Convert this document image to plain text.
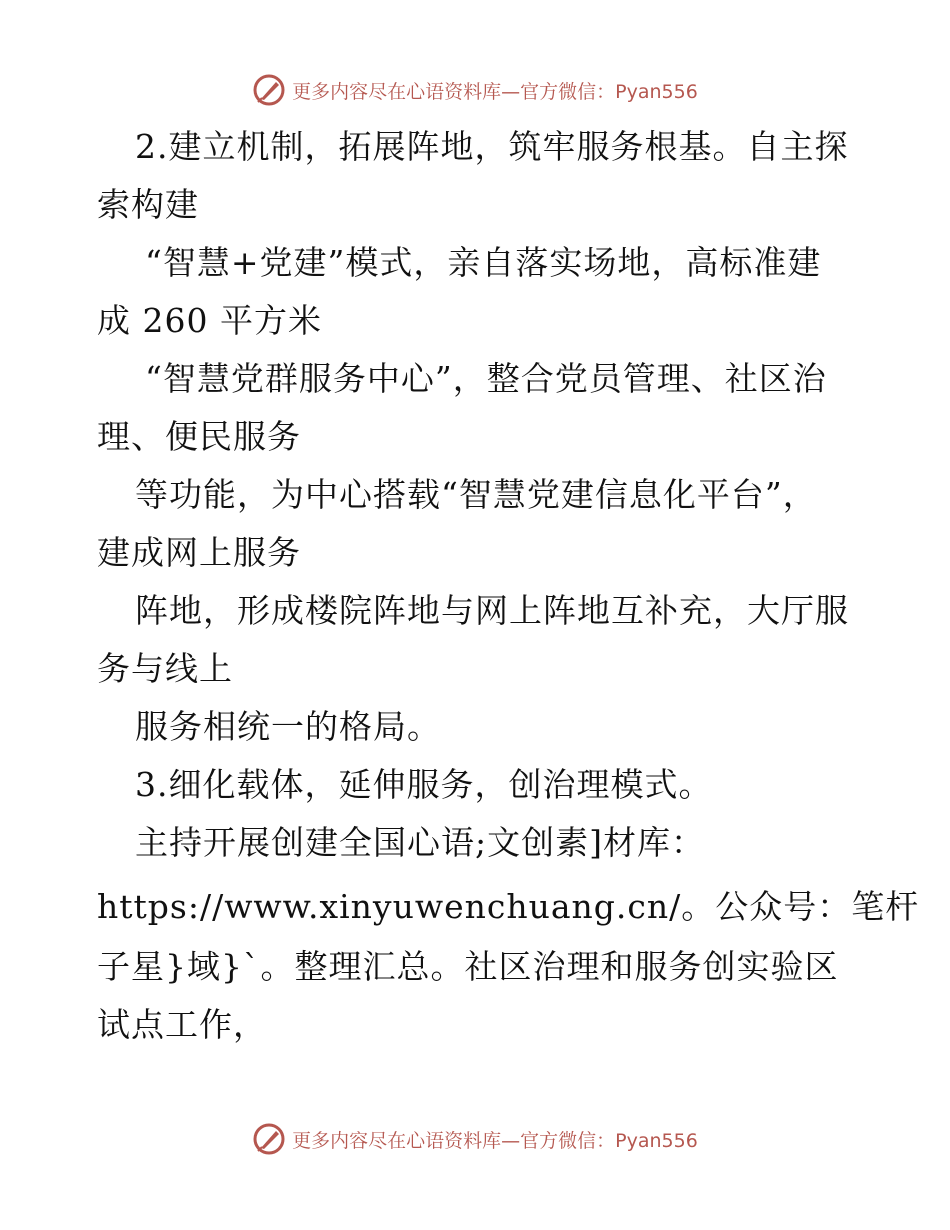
更多内容尽在心语资料库—官方微信：Pyan556
2.建立机制，拓展阵地，筑牢服务根基。自主探
索构建
“智慧+党建”模式，亲自落实场地，高标准建
成 260 平方米
“智慧党群服务中心”，整合党员管理、社区治
理、便民服务
等功能，为中心搭载“智慧党建信息化平台”，
建成网上服务
阵地，形成楼院阵地与网上阵地互补充，大厅服
务与线上
服务相统一的格局。
3.细化载体，延伸服务，创治理模式。
主持开展创建全国心语;文创素]材库：
https://www.xinyuwenchuang.cn/。公众号：笔杆
子星}域}`。整理汇总。社区治理和服务创实验区
试点工作，
更多内容尽在心语资料库—官方微信：Pyan556
